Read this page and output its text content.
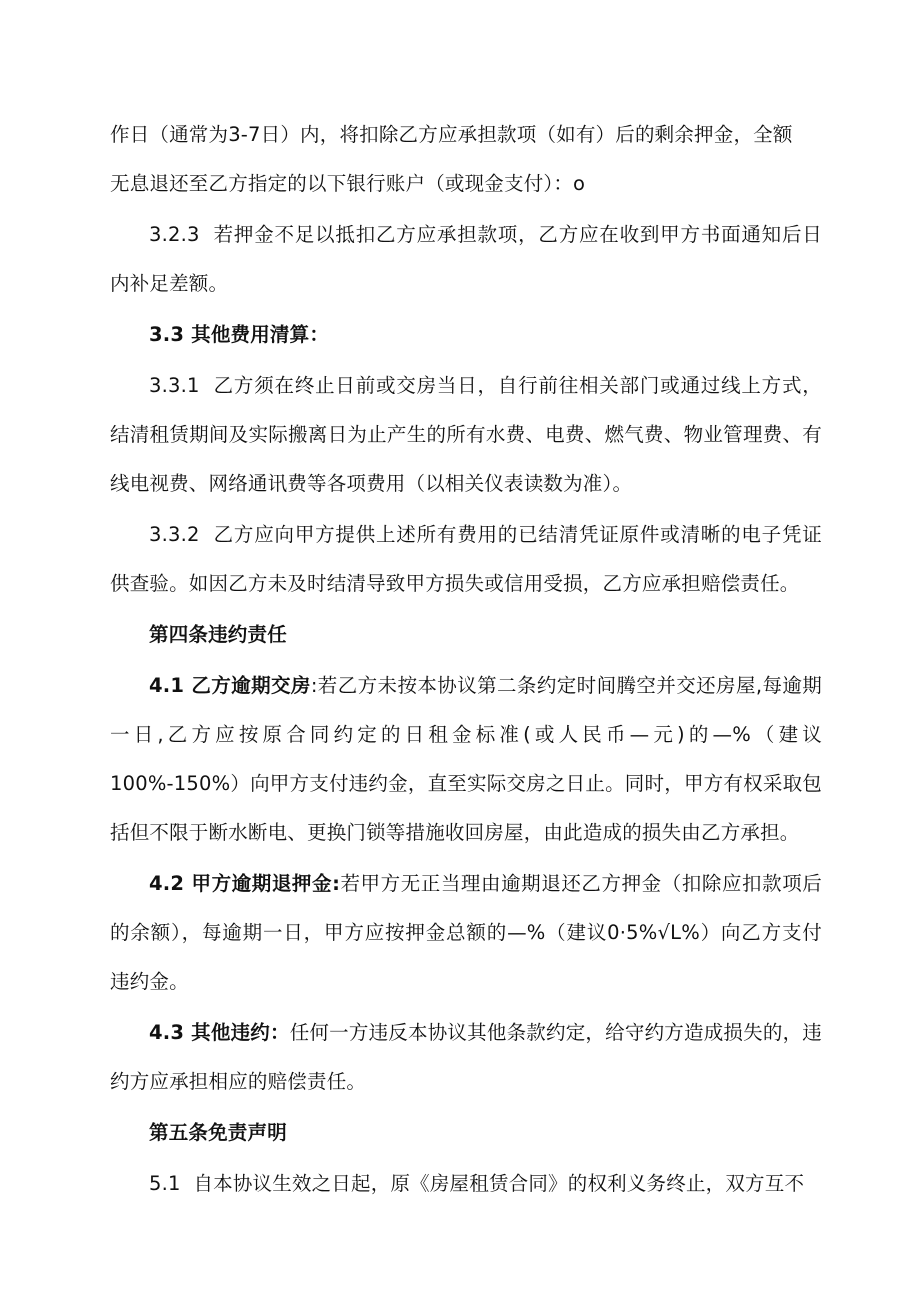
作日（通常为3-7日）内，将扣除乙方应承担款项（如有）后的剩余押金，全额
无息退还至乙方指定的以下银行账户（或现金支付）：o

3.2.3 若押金不足以抵扣乙方应承担款项，乙方应在收到甲方书面通知后日内补足差额。

3.3 其他费用清算：

3.3.1 乙方须在终止日前或交房当日，自行前往相关部门或通过线上方式，结清租赁期间及实际搬离日为止产生的所有水费、电费、燃气费、物业管理费、有线电视费、网络通讯费等各项费用（以相关仪表读数为准）。

3.3.2 乙方应向甲方提供上述所有费用的已结清凭证原件或清晰的电子凭证供查验。如因乙方未及时结清导致甲方损失或信用受损，乙方应承担赔偿责任。

第四条违约责任

4.1 乙方逾期交房:若乙方未按本协议第二条约定时间腾空并交还房屋,每逾期一日,乙方应按原合同约定的日租金标准(或人民币—元)的—%（建议100%-150%）向甲方支付违约金，直至实际交房之日止。同时，甲方有权采取包括但不限于断水断电、更换门锁等措施收回房屋，由此造成的损失由乙方承担。

4.2 甲方逾期退押金:若甲方无正当理由逾期退还乙方押金（扣除应扣款项后的余额），每逾期一日，甲方应按押金总额的—%（建议0·5%√L%）向乙方支付违约金。

4.3 其他违约：任何一方违反本协议其他条款约定，给守约方造成损失的，违约方应承担相应的赔偿责任。

第五条免责声明

5.1 自本协议生效之日起，原《房屋租赁合同》的权利义务终止，双方互不
